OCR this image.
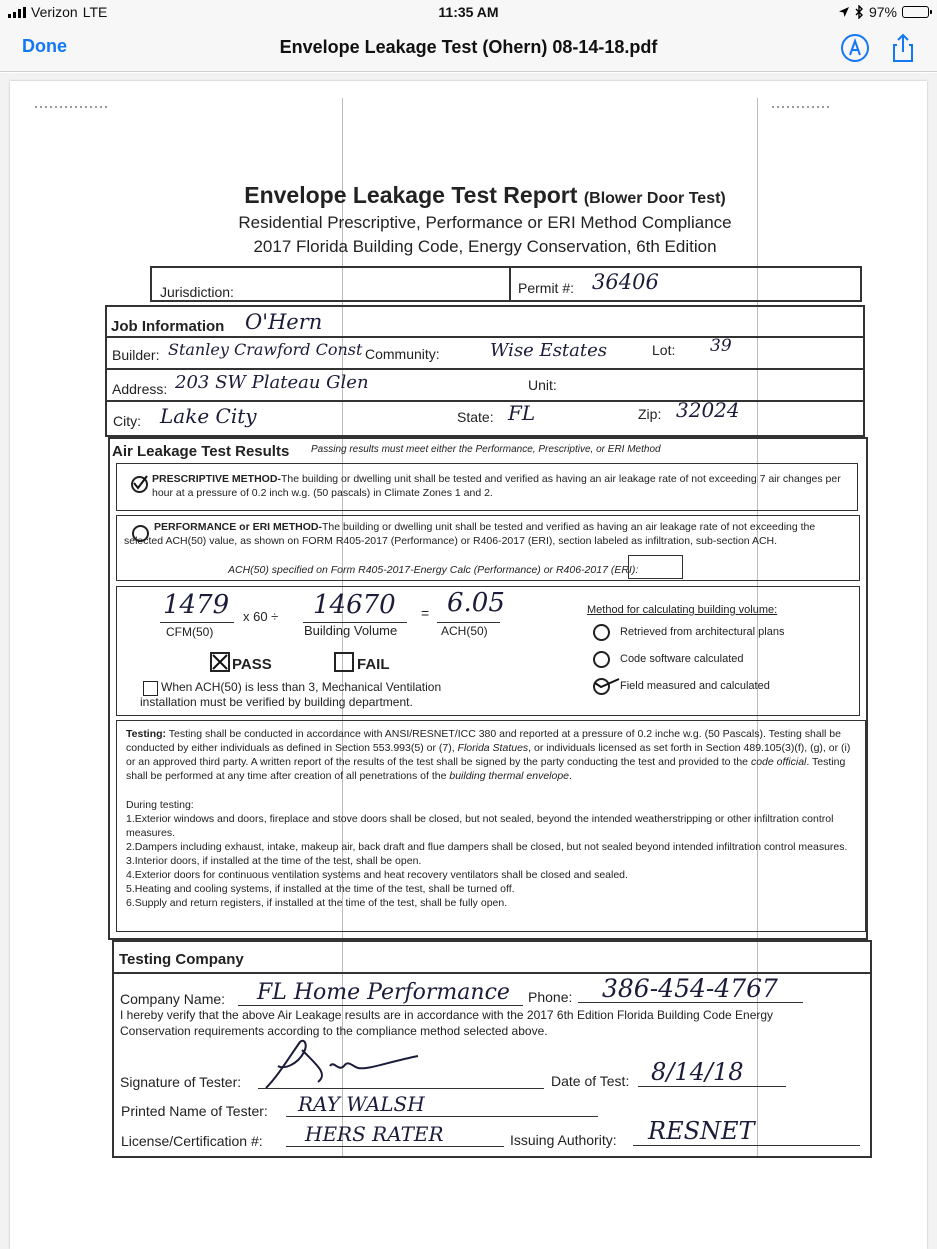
Verizon LTE	11:35 AM	97%
Done	Envelope Leakage Test (Ohern) 08-14-18.pdf
Envelope Leakage Test Report (Blower Door Test)
Residential Prescriptive, Performance or ERI Method Compliance
2017 Florida Building Code, Energy Conservation, 6th Edition
Jurisdiction:	Permit #: 36406
Job Information O'Hern
Builder: Stanley Crawford Const Community:	Wise Estates	Lot: 39
Address: 203 SW Plateau Glen	Unit:
City: Lake City	State: FL	Zip: 32024
Air Leakage Test Results Passing results must meet either the Performance, Prescriptive, or ERI Method
PRESCRIPTIVE METHOD-The building or dwelling unit shall be tested and verified as having an air leakage rate of not exceeding 7 air changes per hour at a pressure of 0.2 inch w.g. (50 pascals) in Climate Zones 1 and 2.
PERFORMANCE or ERI METHOD-The building or dwelling unit shall be tested and verified as having an air leakage rate of not exceeding the selected ACH(50) value, as shown on FORM R405-2017 (Performance) or R406-2017 (ERI), section labeled as infiltration, sub-section ACH.
ACH(50) specified on Form R405-2017-Energy Calc (Performance) or R406-2017 (ERI):
1479 x 60 ÷ 14670 = 6.05
CFM(50)	Building Volume	ACH(50)
PASS	FAIL
When ACH(50) is less than 3, Mechanical Ventilation
installation must be verified by building department.
Method for calculating building volume:
Retrieved from architectural plans
Code software calculated
Field measured and calculated
Testing: Testing shall be conducted in accordance with ANSI/RESNET/ICC 380 and reported at a pressure of 0.2 inche w.g. (50 Pascals). Testing shall be conducted by either individuals as defined in Section 553.993(5) or (7), Florida Statues, or individuals licensed as set forth in Section 489.105(3)(f), (g), or (i) or an approved third party. A written report of the results of the test shall be signed by the party conducting the test and provided to the code official. Testing shall be performed at any time after creation of all penetrations of the building thermal envelope.
During testing:
1.Exterior windows and doors, fireplace and stove doors shall be closed, but not sealed, beyond the intended weatherstripping or other infiltration control measures.
2.Dampers including exhaust, intake, makeup air, back draft and flue dampers shall be closed, but not sealed beyond intended infiltration control measures.
3.Interior doors, if installed at the time of the test, shall be open.
4.Exterior doors for continuous ventilation systems and heat recovery ventilators shall be closed and sealed.
5.Heating and cooling systems, if installed at the time of the test, shall be turned off.
6.Supply and return registers, if installed at the time of the test, shall be fully open.
Testing Company
Company Name: FL Home Performance Phone: 386-454-4767
I hereby verify that the above Air Leakage results are in accordance with the 2017 6th Edition Florida Building Code Energy
Conservation requirements according to the compliance method selected above.
Signature of Tester:	Date of Test: 8/14/18
Printed Name of Tester: RAY WALSH
License/Certification #: HERS RATER	Issuing Authority: RESNET
